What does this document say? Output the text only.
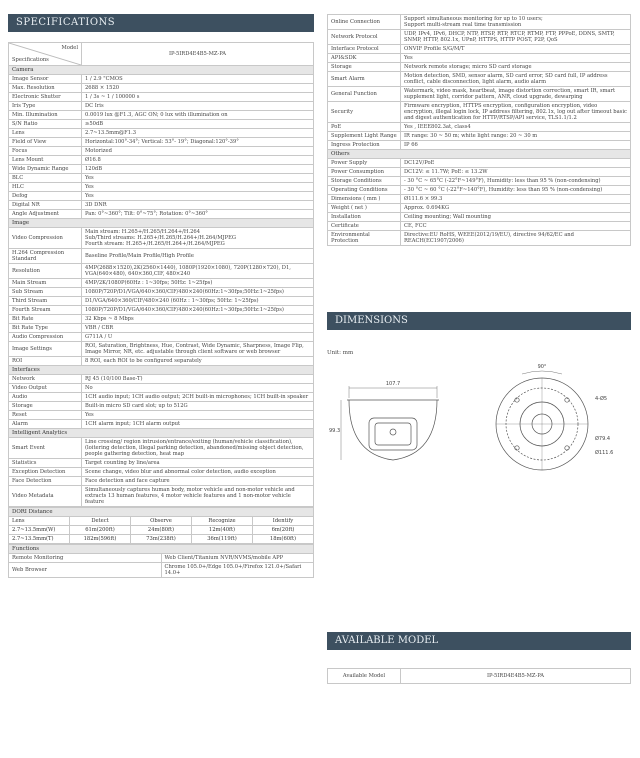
SPECIFICATIONS
Model
Specifications	IP-5IRD4E4B5-MZ-PA
Camera	
Image Sensor	1 / 2.9 "CMOS
Max. Resolution	2688 × 1520
Electronic Shutter	1 / 3s ~ 1 / 100000 s
Iris Type	DC Iris
Min. Illumination	0.0019 lux @F1.3, AGC ON; 0 lux with illumination on
S/N Ratio	≥50dB
Lens	2.7~13.5mm@F1.3
Field of View	Horizontal:100°-34°; Vertical: 53°- 19°; Diagonal:120°-39°
Focus	Motorized
Lens Mount	Ø16.8
Wide Dynamic Range	120dB
BLC	Yes
HLC	Yes
Defog	Yes
Digital NR	3D DNR
Angle Adjustment	Pan: 0°~360°; Tilt: 0°~75°; Rotation: 0°~360°
Image	
Video Compression	Main stream: H.265+/H.265/H.264+/H.264
Sub/Third streams: H.265+/H.265/H.264+/H.264/MJPEG
Fourth stream: H.265+/H.265/H.264+/H.264/MJPEG
H.264 Compression Standard	Baseline Profile/Main Profile/High Profile
Resolution	4MP(2688×1520),2K(2560×1440), 1080P(1920×1080), 720P(1280×720), D1, VGA(640×480), 640×360,CIF, 480×240
Main Stream	4MP/2K/1080P(60Hz : 1~30fps; 50Hz: 1~25fps)
Sub Stream	1080P/720P/D1/VGA/640×360/CIF/480×240(60Hz:1~30fps;50Hz:1~25fps)
Third Stream	D1/VGA/640×360/CIF/480×240 (60Hz : 1~30fps; 50Hz: 1~25fps)
Fourth Stream	1080P/720P/D1/VGA/640×360/CIF/480×240(60Hz:1~30fps;50Hz:1~25fps)
Bit Rate	32 Kbps ~ 8 Mbps
Bit Rate Type	VBR / CBR
Audio Compression	G711A / U
Image Settings	ROI, Saturation, Brightness, Hue, Contrast, Wide Dynamic, Sharpness, Image Flip, Image Mirror, NR, etc. adjustable through client software or web browser
ROI	8 ROI, each ROI to be configured separately
Interfaces	
Network	RJ 45 (10/100 Base-T)
Video Output	No
Audio	1CH audio input; 1CH audio output; 2CH built-in microphones; 1CH built-in speaker
Storage	Built-in micro SD card slot; up to 512G
Reset	Yes
Alarm	1CH alarm input; 1CH alarm output
Intelligent Analytics	
Smart Event	Line crossing/ region intrusion/entrance/exiting (human/vehicle classification), (loitering detection, illegal parking detection, abandoned/missing object detection, people gathering detection, heat map
Statistics	Target counting by line/area
Exception Detection	Scene change, video blur and abnormal color detection, audio exception
Face Detection	Face detection and face capture
Video Metadata	Simultaneously captures human body, motor vehicle and non-motor vehicle and extracts 13 human features, 4 motor vehicle features and 1 non-motor vehicle feature
DORI Distance				
Lens	Detect	Observe	Recognize	Identify
2.7~13.5mm(W)	61m(200ft)	24m(80ft)	12m(40ft)	6m(20ft)
2.7~13.5mm(T)	182m(596ft)	73m(238ft)	36m(119ft)	18m(60ft)
Functions	
Remote Monitoring	Web Client/Titanium NVR/NVMS/mobile APP
Web Browser	Chrome 105.0+/Edge 105.0+/Firefox 121.0+/Safari 14.0+
Online Connection	Support simultaneous monitoring for up to 10 users;
Support multi-stream real time transmission
Network Protocol	UDP, IPv4, IPv6, DHCP, NTP, RTSP, RTP, RTCP, RTMP, FTP, PPPoE, DDNS, SMTP, SNMP, HTTP, 802.1x, UPnP, HTTPS, HTTP POST, P2P, QoS
Interface Protocol	ONVIF Profile S/G/M/T
API&SDK	Yes
Storage	Network remote storage; micro SD card storage
Smart Alarm	Motion detection, SMD, sensor alarm, SD card error, SD card full, IP address conflict, cable disconnection, light alarm, audio alarm
General Function	Watermark, video mask, heartbeat, image distortion correction, smart IR, smart supplement light, corridor pattern, ANR, cloud upgrade, dewarping
Security	Firmware encryption, HTTPS encryption, configuration encryption, video encryption, illegal login lock, IP address filtering, 802.1x, log out after timeout basic and digest authentication for HTTP/RTSP/API service, TLS1.1/1.2
PoE	Yes , IEEE802.3at, class4
Supplement Light Range	IR range: 30 ~ 50 m; white light range: 20 ~ 30 m
Ingress Protection	IP 66
Others	
Power Supply	DC12V/PoE
Power Consumption	DC12V: ≤ 11.7W; PoE: ≤ 13.2W
Storage Conditions	- 30 °C ~ 65°C (-22°F~149°F), Humidity: less than 95 % (non-condensing)
Operating Conditions	- 30 °C ~ 60 °C (-22°F~140°F), Humidity: less than 95 % (non-condensing)
Dimensions ( mm )	Ø111.6 × 99.3
Weight ( net )	Approx. 0.694KG
Installation	Ceiling mounting; Wall mounting
Certificate	CE, FCC
Environmental Protection	Directive:EU RoHS, WEEE(2012/19/EU), directive 94/62/EC and REACH(EC1907/2006)
DIMENSIONS
Unit: mm
107.7
99.3
90°
4-Ø5
Ø79.4
Ø111.6
AVAILABLE MODEL
Available Model	IP-5IRD4E4B5-MZ-PA
